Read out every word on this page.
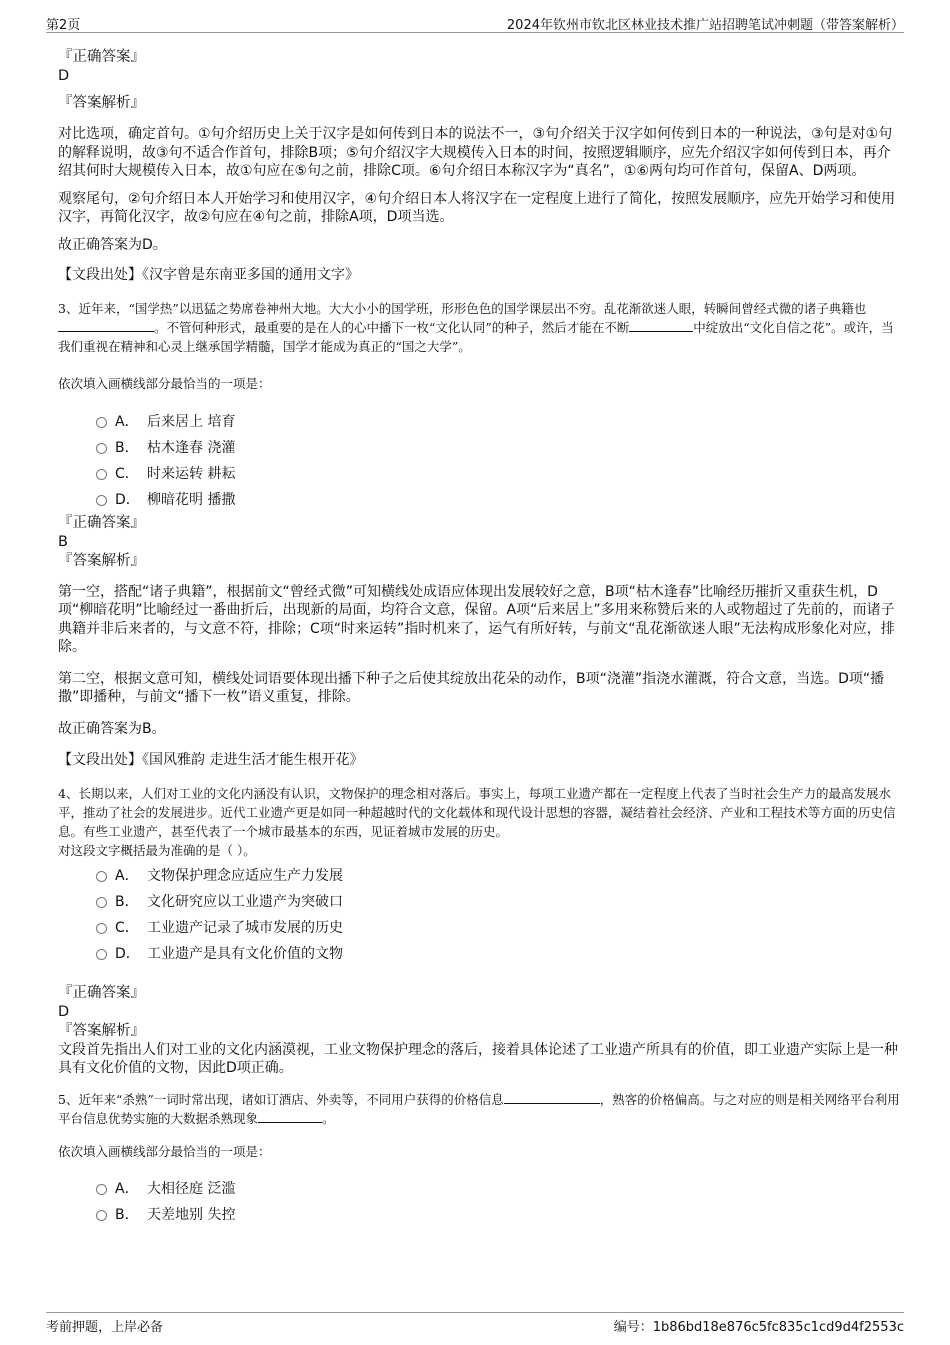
第2页	2024年钦州市钦北区林业技术推广站招聘笔试冲刺题（带答案解析）
『正确答案』
D
『答案解析』

对比选项，确定首句。①句介绍历史上关于汉字是如何传到日本的说法不一，③句介绍关于汉字如何传到日本的一种说法，③句是对①句的解释说明，故③句不适合作首句，排除B项；⑤句介绍汉字大规模传入日本的时间，按照逻辑顺序，应先介绍汉字如何传到日本，再介绍其何时大规模传入日本，故①句应在⑤句之前，排除C项。⑥句介绍日本称汉字为“真名”，①⑥两句均可作首句，保留A、D两项。

观察尾句，②句介绍日本人开始学习和使用汉字，④句介绍日本人将汉字在一定程度上进行了简化，按照发展顺序，应先开始学习和使用汉字，再简化汉字，故②句应在④句之前，排除A项，D项当选。

故正确答案为D。

【文段出处】《汉字曾是东南亚多国的通用文字》

3、近年来，“国学热”以迅猛之势席卷神州大地。大大小小的国学班，形形色色的国学课层出不穷。乱花渐欲迷人眼，转瞬间曾经式微的诸子典籍也。不管何种形式，最重要的是在人的心中播下一枚“文化认同”的种子，然后才能在不断	中绽放出“文化自信之花”。或许，当我们重视在精神和心灵上继承国学精髓，国学才能成为真正的“国之大学”。

依次填入画横线部分最恰当的一项是：

A． 后来居上 培育
B． 枯木逢春 浇灌
C． 时来运转 耕耘
D． 柳暗花明 播撒
『正确答案』
B
『答案解析』

第一空，搭配“诸子典籍”，根据前文“曾经式微”可知横线处成语应体现出发展较好之意，B项“枯木逢春”比喻经历摧折又重获生机，D项“柳暗花明”比喻经过一番曲折后，出现新的局面，均符合文意，保留。A项“后来居上”多用来称赞后来的人或物超过了先前的，而诸子典籍并非后来者的，与文意不符，排除；C项“时来运转”指时机来了，运气有所好转，与前文“乱花渐欲迷人眼”无法构成形象化对应，排除。

第二空，根据文意可知，横线处词语要体现出播下种子之后使其绽放出花朵的动作，B项“浇灌”指浇水灌溉，符合文意，当选。D项“播撒”即播种，与前文“播下一枚”语义重复，排除。

故正确答案为B。

【文段出处】《国风雅韵 走进生活才能生根开花》

4、长期以来，人们对工业的文化内涵没有认识，文物保护的理念相对落后。事实上，每项工业遗产都在一定程度上代表了当时社会生产力的最高发展水平，推动了社会的发展进步。近代工业遗产更是如同一种超越时代的文化载体和现代设计思想的容器，凝结着社会经济、产业和工程技术等方面的历史信息。有些工业遗产，甚至代表了一个城市最基本的东西，见证着城市发展的历史。

对这段文字概括最为准确的是（ ）。

A． 文物保护理念应适应生产力发展
B． 文化研究应以工业遗产为突破口
C． 工业遗产记录了城市发展的历史
D． 工业遗产是具有文化价值的文物
『正确答案』
D
『答案解析』

文段首先指出人们对工业的文化内涵漠视，工业文物保护理念的落后，接着具体论述了工业遗产所具有的价值，即工业遗产实际上是一种具有文化价值的文物，因此D项正确。

5、近年来“杀熟”一词时常出现，诸如订酒店、外卖等，不同用户获得的价格信息	，熟客的价格偏高。与之对应的则是相关网络平台利用平台信息优势实施的大数据杀熟现象	。

依次填入画横线部分最恰当的一项是：

A． 大相径庭 泛滥
B． 天差地别 失控
考前押题，上岸必备	编号：1b86bd18e876c5fc835c1cd9d4f2553c
